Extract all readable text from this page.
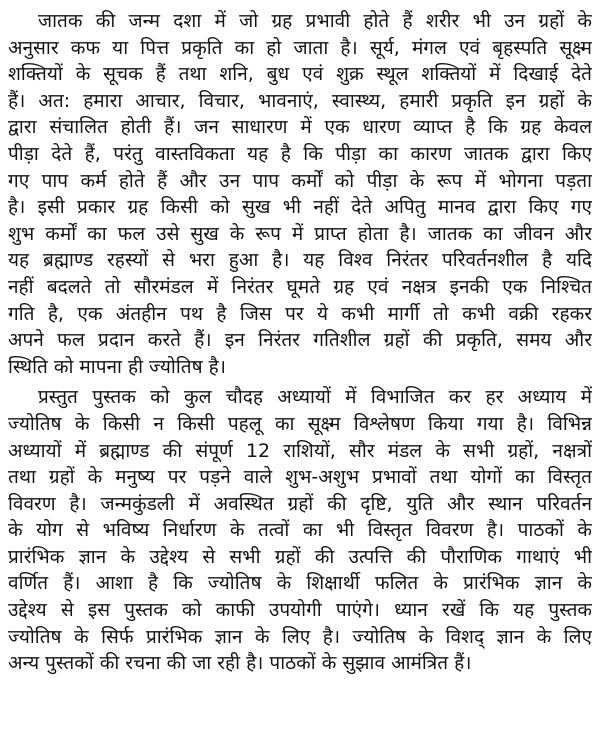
जातक की जन्म दशा में जो ग्रह प्रभावी होते हैं शरीर भी उन ग्रहों के
अनुसार कफ या पित्त प्रकृति का हो जाता है। सूर्य, मंगल एवं बृहस्पति सूक्ष्म
शक्तियों के सूचक हैं तथा शनि, बुध एवं शुक्र स्थूल शक्तियों में दिखाई देते
हैं। अत: हमारा आचार, विचार, भावनाएं, स्वास्थ्य, हमारी प्रकृति इन ग्रहों के
द्वारा संचालित होती हैं। जन साधारण में एक धारण व्याप्त है कि ग्रह केवल
पीड़ा देते हैं, परंतु वास्तविकता यह है कि पीड़ा का कारण जातक द्वारा किए
गए पाप कर्म होते हैं और उन पाप कर्मों को पीड़ा के रूप में भोगना पड़ता
है। इसी प्रकार ग्रह किसी को सुख भी नहीं देते अपितु मानव द्वारा किए गए
शुभ कर्मों का फल उसे सुख के रूप में प्राप्त होता है। जातक का जीवन और
यह ब्रह्माण्ड रहस्यों से भरा हुआ है। यह विश्व निरंतर परिवर्तनशील है यदि
नहीं बदलते तो सौरमंडल में निरंतर घूमते ग्रह एवं नक्षत्र इनकी एक निश्चित
गति है, एक अंतहीन पथ है जिस पर ये कभी मार्गी तो कभी वक्री रहकर
अपने फल प्रदान करते हैं। इन निरंतर गतिशील ग्रहों की प्रकृति, समय और
स्थिति को मापना ही ज्योतिष है।
प्रस्तुत पुस्तक को कुल चौदह अध्यायों में विभाजित कर हर अध्याय में
ज्योतिष के किसी न किसी पहलू का सूक्ष्म विश्लेषण किया गया है। विभिन्न
अध्यायों में ब्रह्माण्ड की संपूर्ण 12 राशियों, सौर मंडल के सभी ग्रहों, नक्षत्रों
तथा ग्रहों के मनुष्य पर पड़ने वाले शुभ-अशुभ प्रभावों तथा योगों का विस्तृत
विवरण है। जन्मकुंडली में अवस्थित ग्रहों की दृष्टि, युति और स्थान परिवर्तन
के योग से भविष्य निर्धारण के तत्वों का भी विस्तृत विवरण है। पाठकों के
प्रारंभिक ज्ञान के उद्देश्य से सभी ग्रहों की उत्पत्ति की पौराणिक गाथाएं भी
वर्णित हैं। आशा है कि ज्योतिष के शिक्षार्थी फलित के प्रारंभिक ज्ञान के
उद्देश्य से इस पुस्तक को काफी उपयोगी पाएंगे। ध्यान रखें कि यह पुस्तक
ज्योतिष के सिर्फ प्रारंभिक ज्ञान के लिए है। ज्योतिष के विशद् ज्ञान के लिए
अन्य पुस्तकों की रचना की जा रही है। पाठकों के सुझाव आमंत्रित हैं।
